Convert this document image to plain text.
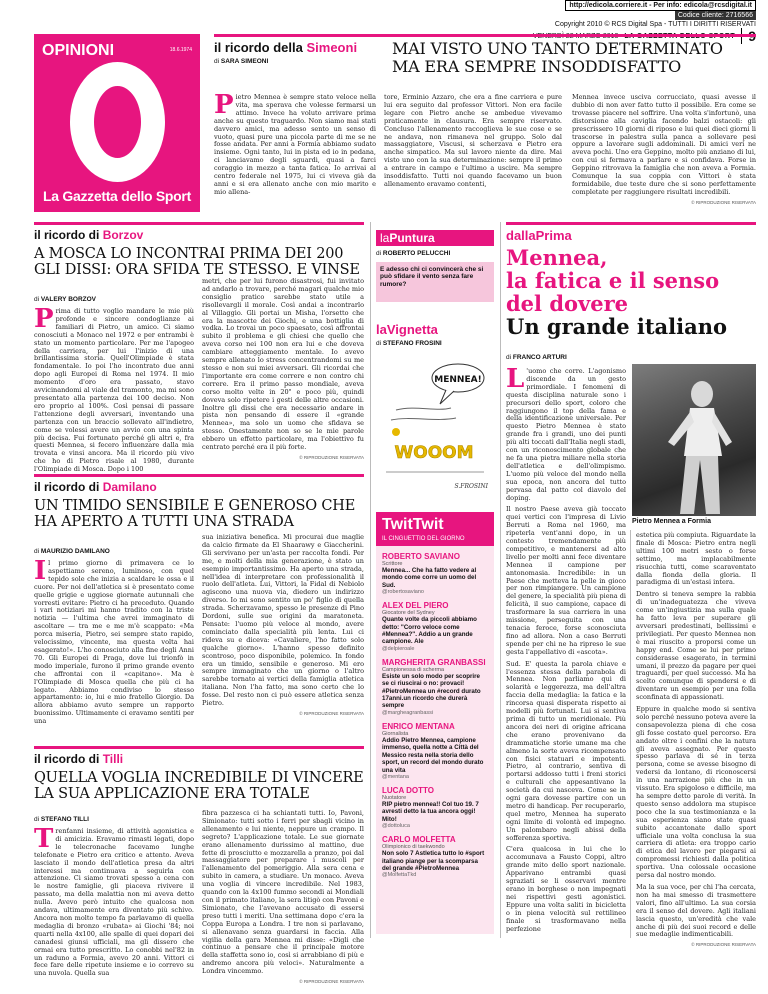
http://edicola.corriere.it - Per info: edicola@rcsdigital.it
Codice cliente: 2716566
Copyright 2010 © RCS Digital Spa - TUTTI I DIRITTI RISERVATI
VENERDÌ 22 MARZO 2013 LA GAZZETTA DELLO SPORT 9
OPINIONI	18.6.1974
La Gazzetta dello Sport
il ricordo della Simeoni
di SARA SIMEONI
MAI VISTO UNO TANTO DETERMINATO MA ERA SEMPRE INSODDISFATTO
Pietro Mennea è sempre stato veloce nella vita, ma sperava che volesse fermarsi un attimo. Invece ha voluto arrivare prima anche su questo traguardo. Non siamo mai stati davvero amici, ma adesso sento un senso di vuoto, quasi pure una piccola parte di me se ne fosse andata. Per anni a Formia abbiamo sudato insieme. Ogni tanto, lui in pista ed io in pedana, ci lanciavamo degli sguardi, quasi a farci coraggio in mezzo a tanta fatica. Io arrivai al centro federale nel 1975, lui ci viveva già da anni e si era allenato anche con mio marito e mio allena-
tore, Erminio Azzaro, che era a fine carriera e pure lui era seguito dal professor Vittori. Non era facile legare con Pietro anche se ambedue vivevamo praticamente in clausura. Era sempre riservato. Concluso l'allenamento raccoglieva le sue cose e se ne andava, non rimaneva nel gruppo. Solo dal massaggiatore, Viscusi, si scherzava e Pietro era anche simpatico. Ma sul lavoro niente da dire. Mai visto uno con la sua determinazione: sempre il primo a entrare in campo e l'ultimo a uscire. Ma sempre insoddisfatto. Tutti noi quando facevamo un buon allenamento eravamo contenti,
Mennea invece usciva corrucciato, quasi avesse il dubbio di non aver fatto tutto il possibile. Era come se trovasse piacere nel soffrire. Una volta s'infortunò, una distorsione alla caviglia facendo balzi ostacoli: gli prescrissero 10 giorni di riposo e lui quei dieci giorni li trascorse in palestra sulla panca a sollevare pesi oppure a lavorare sugli addominali. Di amici veri ne aveva pochi. Uno era Geppino, molto più anziano di lui, con cui si fermava a parlare e si confidava. Forse in Geppino ritrovava la famiglia che non aveva a Formia. Comunque la sua coppia con Vittori è stata formidabile, due teste dure che si sono perfettamente completate per raggiungere risultati incredibili.
© RIPRODUZIONE RISERVATA
il ricordo di Borzov
A MOSCA LO INCONTRAI PRIMA DEI 200 GLI DISSI: ORA SFIDA TE STESSO. E VINSE
di VALERY BORZOV
Prima di tutto voglio mandare le mie più profonde e sincere condoglianze ai familiari di Pietro, un amico. Ci siamo conosciuti a Monaco nel 1972 e per entrambi è stato un momento particolare. Per me l'apogeo della carriera, per lui l'inizio di una brillantissima storia. Quell'Olimpiade è stata fondamentale. Io poi l'ho incontrato due anni dopo agli Europei di Roma nel 1974. Il mio momento d'oro era passato, stavo avvicinandomi al viale del tramonto, ma mi sono presentato alla partenza dei 100 deciso. Non ero proprio al 100%. Così pensai di passare l'attenzione degli avversari, inventando una partenza con un braccio sollevato all'indietro, come se volessi avere un avvio con una spinta più decisa. Fui fortunato perché gli altri e, fra questi Mennea, si fecero influenzare dalla mia trovata e vinsi ancora. Ma il ricordo più vivo che ho di Pietro risale al 1980, durante l'Olimpiade di Mosca. Dopo i 100
metri, che per lui furono disastrosi, fui invitato ad andarlo a trovare, perché magari qualche mio consiglio pratico sarebbe stato utile a risollevargli il morale. Così andai a incontrarlo al Villaggio. Gli portai un Misha, l'orsetto che era la mascotte dei Giochi, e una bottiglia di vodka. Lo trovai un poco spaesato, così affrontai subito il problema e gli chiesi che quello che aveva corso nei 100 non era lui e che doveva cambiare atteggiamento mentale. Io avevo sempre allenato lo stress concentrandomi su me stesso e non sui miei avversari. Gli ricordai che l'importante era come correre e non contro chi correre. Era il primo passo mondiale, aveva corso molto velte in 20" e poco più, quindi doveva solo ripetere i gesti delle altre occasioni. Inoltre gli dissi che era necessario andare in pista non pensando di essere il «grande Mennea», ma solo un uomo che sfidava se stesso. Onestamente non so se le mie parole ebbero un effetto particolare, ma l'obiettivo fu centrato perché era il più forte.
© RIPRODUZIONE RISERVATA
il ricordo di Damilano
UN TIMIDO SENSIBILE E GENEROSO CHE HA APERTO A TUTTI UNA STRADA
di MAURIZIO DAMILANO
Il primo giorno di primavera ce lo aspettiamo sereno, luminoso, con quel tepido sole che inizia a scaldare le ossa e il cuore. Per noi dell'atletica si è presentato come quelle grigie e uggiose giornate autunnali che vorresti evitare: Pietro ci ha preceduto. Quando i vari notiziari mi hanno tradito con la triste notizia — l'ultima che avrei immaginato di ascoltare — tra me e me m'è scappato: «Ma porca miseria, Pietro, sei sempre stato rapido, velocissimo, vincente, ma questa volta hai esagerato!». L'ho conosciuto alla fine degli Anni 70. Gli Europei di Praga, dove lui trionfò in modo imperiale, furono il primo grande evento che affrontai con il «capitano». Ma è l'Olimpiade di Mosca quella che più ci ha legato. Abbiamo condiviso lo stesso appartamento: io, lui e mio fratello Giorgio. Da allora abbiamo avuto sempre un rapporto buonissimo. Ultimamente ci eravamo sentiti per una
sua iniziativa benefica. Mi procurai due maglie da calcio firmate da El Shaarawy e Giaccherini. Gli servivano per un'asta per raccolta fondi. Per me, e molti della mia generazione, è stato un esempio importantissimo. Ha aperto una strada, nell'idea di interpretare con professionalità il ruolo dell'atleta. Lui, Vittori, la Fidal di Nebiolo agiscono una nuova via, diedero un indirizzo diverso. Io mi sono sentito un po' figlio di quella strada. Scherzavamo, spesso le presenze di Pino Dordoni, sulle sue origini da maratoneta. Pensate: l'uomo più veloce al mondo, avere cominciato dalla specialità più lenta. Lui ci rideva su e diceva: «Cavaliere, l'ho fatto solo qualche giorno». L'hanno spesso definito scontroso, poco disponibile, polemico. In fondo era un timido, sensibile e generoso. Mi ero sempre immaginato che un giorno o l'altro sarebbe tornato ai vertici della famiglia atletica italiana. Non l'ha fatto, ma sono certo che lo fosse. Del resto non ci può essere atletica senza Pietro.
© RIPRODUZIONE RISERVATA
il ricordo di Tilli
QUELLA VOGLIA INCREDIBILE DI VINCERE LA SUA APPLICAZIONE ERA TOTALE
di STEFANO TILLI
Trenťanni insieme, di attività agonistica e di amicizia. Eravamo rimasti legati, dopo le telecronache facevamo lunghe telefonate e Pietro era critico e attento. Aveva lasciato il mondo dell'atletica presa da altri interessi ma continuava a seguirla con attenzione. Ci siamo trovati spesso a cena con le nostre famiglie, gli piaceva rivivere il passato, ma della malattia non mi aveva detto nulla. Avevo però intuito che qualcosa non andava, ultimamente era diventato più schivo. Ancora non molto tempo fa parlavamo di quella medaglia di bronzo «rubata» ai Giochi '84; noi quarti nella 4x100, alle spalle di quei dopari dei canadesi giunsi ufficiali, ma gli dissero che ormai era tutto prescritto. Lo conobbi nel'82 in un raduno a Formia, avevo 20 anni. Vittori ci fece fare delle ripetute insieme e io correvo su una nuvola. Quella sua
fibra pazzesca ci ha schiantati tutti. Io, Pavoni, Simionato: tutti sotto i ferri per sbagli vicino in allenamento e lui niente, neppure un crampo. Il segreto? L'applicazione totale. Le sue giornate erano allenamento durissimo al mattino, due fette di prosciutto e mozzarella a pranzo, poi dal massaggiatore per preparare i muscoli per l'allenamento del pomeriggio. Alla sera cena e subito in camera, a studiare. Un monaco. Aveva una voglia di vincere incredibile. Nel 1983, quando con la 4x100 fummo secondi ai Mondiali con il primato italiano, la sera litigò con Pavoni e Simionato, che l'avevano accusato di essersi preso tutti i meriti. Una settimana dopo c'era la Coppa Europa a Londra. I tre non si parlavano, si allenavano senza guardarsi in faccia. Alla vigilia della gara Mennea mi disse: «Digli che continuo a pensare che il principale motore della staffetta sono io, così si arrabbiano di più e andremo ancora più veloci». Naturalmente a Londra vincemmo.
© RIPRODUZIONE RISERVATA
laPuntura
di ROBERTO PELUCCHI
E adesso chi ci convincerà che si può sfidare il vento senza fare rumore?
laVignetta
di STEFANO FROSINI
MENNEA!
WOOOM
S.FROSINI
TwitTwit
IL CINGUETTIO DEL GIORNO
ROBERTO SAVIANO
Scrittore
Mennea... Che ha fatto vedere al mondo come corre un uomo del Sud.
@robertosaviano
ALEX DEL PIERO
Giocatore del Sydney
Quante volte da piccoli abbiamo detto: "Corro veloce come #Mennea?". Addio a un grande campione. Ale
@delpieroale
MARGHERITA GRANBASSI
Campionessa di scherma
Esiste un solo modo per scoprire se ci riuscirai o no: provaci! #PietroMennea un #record durato 17anni.un ricordo che durerà sempre
@margheagranbassi
ENRICO MENTANA
Giornalista
Addio Pietro Mennea, campione immenso, quella notte a Città del Messico resta nella storia dello sport, un record del mondo durato una vita
@mentana
LUCA DOTTO
Nuotatore
RIP pietro mennea!! Col tuo 19. 7 avresti detto la tua ancora oggi! Mito!
@dottoluca
CARLO MOLFETTA
Olimpionico di taekwondo
Non solo 7 Astletica tutto lo #sport italiano piange per la scomparsa del grande #PietroMennea
@MolfettaTkd
dallaPrima
Mennea,
la fatica e il senso del dovere
Un grande italiano
di FRANCO ARTURI
L 'uomo che corre. L'agonismo discende da un gesto primordiale. I fenomeni di questa disciplina naturale sono i precursori dello sport, coloro che raggiungono il top della fama e della identificazione universale. Per questo Pietro Mennea è stato grande fra i grandi, uno dei punti più alti toccati dall'Italia negli stadi, con un riconoscimento globale che ne fa una pietra miliare nella storia dell'atletica e dell'olimpismo. L'uomo più veloce del mondo nella sua epoca, non ancora del tutto pervasa dal patto col diavolo del doping.

Il nostro Paese aveva già toccato quei vertici con l'impresa di Livio Berruti a Roma nel 1960, ma ripeterla vent'anni dopo, in un contesto tremendamente più competitivo, e mantenersi ad alto livello per molti anni fece diventare Mennea il campione per antonomasia. Incredibile: in un Paese che metteva la pelle in gioco per non rimpiangere. Un campione del genere, la specialità più piena di felicità, il suo campione, capace di trasformare la sua carriera in una missione, perseguita con una tenacia feroce, forse sconosciuta fino ad allora. Non a caso Berruti spende per chi ne ha ripreso le sue gesta l'appellativo di «ascota».

Sud. E' questa la parola chiave e l'essenza stessa della parabola di Mennea. Non parliamo qui di solarità e leggerezza, ma dell'altra faccia della medaglia: la fatica e la rincorsa quasi disperata rispetto ai modelli più fortunati. Lui si sentiva prima di tutto un meridionale. Più ancora dei neri di origine africana che erano provenivano da drammatiche storie umane ma che almeno la sorte aveva ricompensato con fisici statuari e impotenti. Pietro, al contrario, sentiva di portarsi addosso tutti i freni storici e culturali che appesantivano la società da cui nasceva. Come se in ogni gara dovesse partire con un metro di handicap. Per recuperarlo, quel metro, Mennea ha superato ogni limite di volontà ed impegno. Un palombaro negli abissi della sofferenza sportiva.

C'era qualcosa in lui che lo accomunava a Fausto Coppi, altro grande mito dello sport nazionale. Apparivano entrambi quasi sgraziati se li osservavi mentre erano in borghese o non impegnati nei rispettivi gesti agonistici. Eppure una volta saliti in bicicletta o in piena velocità sul rettilineo finale si trasformavano nella perfezione

Pietro Mennea a Formia

estetica più compiuta. Riguardate la finale di Mosca: Pietro entra negli ultimi 100 metri sesto o forse settimo, ma implacabilmente risucchia tutti, come scaraventato dalla fionda della gloria. Il paradigma di un'estasi intera.

Dentro si teneva sempre la rabbia di un'inadeguatezza che viveva come un'ingiustizia ma sulla quale ha fatto leva per superare gli avversari predestinati, bellissimi e privilegiati. Per questo Mennea non è mai riuscito a proporsi come un happy end. Come se lui per primo considerasse esagerato, in termini umani, il prezzo da pagare per quei traguardi, per quel successo. Ma ha scelto comunque di spendersi e di diventare un esempio per una folla sconfinata di appassionati.

Eppure in qualche modo si sentiva solo perché nessuno poteva avere la consapevolezza piena di che cosa gli fosse costato quel percorso. Era andato oltre i confini che la natura gli aveva assegnato. Per questo spesso parlava di sé in terza persona, come se avesse bisogno di vedersi da lontano, di riconoscersi in una narrazione più che in un vissuto. Era spigoloso e difficile, ma ha sempre detto parole di verità. In questo senso addolora ma stupisce poco che la sua testimonianza e la sua esperienza siano state quasi subito accantonate dallo sport ufficiale una volta conclusa la sua carriera di atleta: era troppo cario di etica del lavoro per piegarsi ai compromessi richiesti dalla politica sportiva. Una colossale occasione persa dal nostro mondo.

Ma la sua voce, per chi l'ha cercata, non ha mai smesso di trasmettere valori, fino all'ultimo. La sua corsia era il senso del dovere. Agli italiani lascia questo, un'eredità che vale anche di più dei suoi record e delle sue medaglie indimenticabili.

© RIPRODUZIONE RISERVATA
